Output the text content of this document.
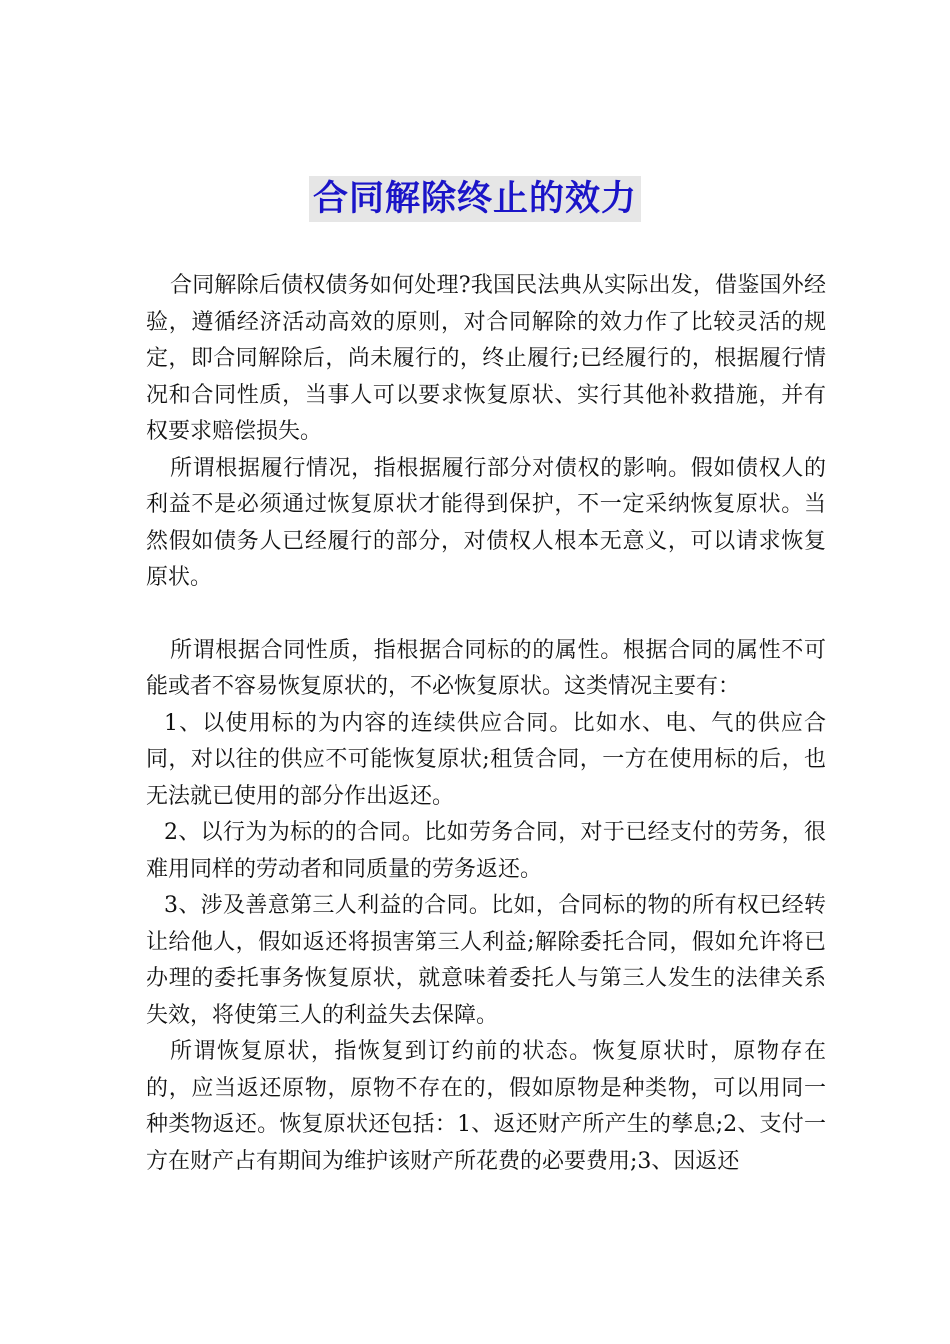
合同解除终止的效力

合同解除后债权债务如何处理?我国民法典从实际出发，借鉴国外经验，遵循经济活动高效的原则，对合同解除的效力作了比较灵活的规定，即合同解除后，尚未履行的，终止履行;已经履行的，根据履行情况和合同性质，当事人可以要求恢复原状、实行其他补救措施，并有权要求赔偿损失。

所谓根据履行情况，指根据履行部分对债权的影响。假如债权人的利益不是必须通过恢复原状才能得到保护，不一定采纳恢复原状。当然假如债务人已经履行的部分，对债权人根本无意义，可以请求恢复原状。

所谓根据合同性质，指根据合同标的的属性。根据合同的属性不可能或者不容易恢复原状的，不必恢复原状。这类情况主要有：

1、以使用标的为内容的连续供应合同。比如水、电、气的供应合同，对以往的供应不可能恢复原状;租赁合同，一方在使用标的后，也无法就已使用的部分作出返还。

2、以行为为标的的合同。比如劳务合同，对于已经支付的劳务，很难用同样的劳动者和同质量的劳务返还。

3、涉及善意第三人利益的合同。比如，合同标的物的所有权已经转让给他人，假如返还将损害第三人利益;解除委托合同，假如允许将已办理的委托事务恢复原状，就意味着委托人与第三人发生的法律关系失效，将使第三人的利益失去保障。

所谓恢复原状，指恢复到订约前的状态。恢复原状时，原物存在的，应当返还原物，原物不存在的，假如原物是种类物，可以用同一种类物返还。恢复原状还包括：1、返还财产所产生的孳息;2、支付一方在财产占有期间为维护该财产所花费的必要费用;3、因返还
